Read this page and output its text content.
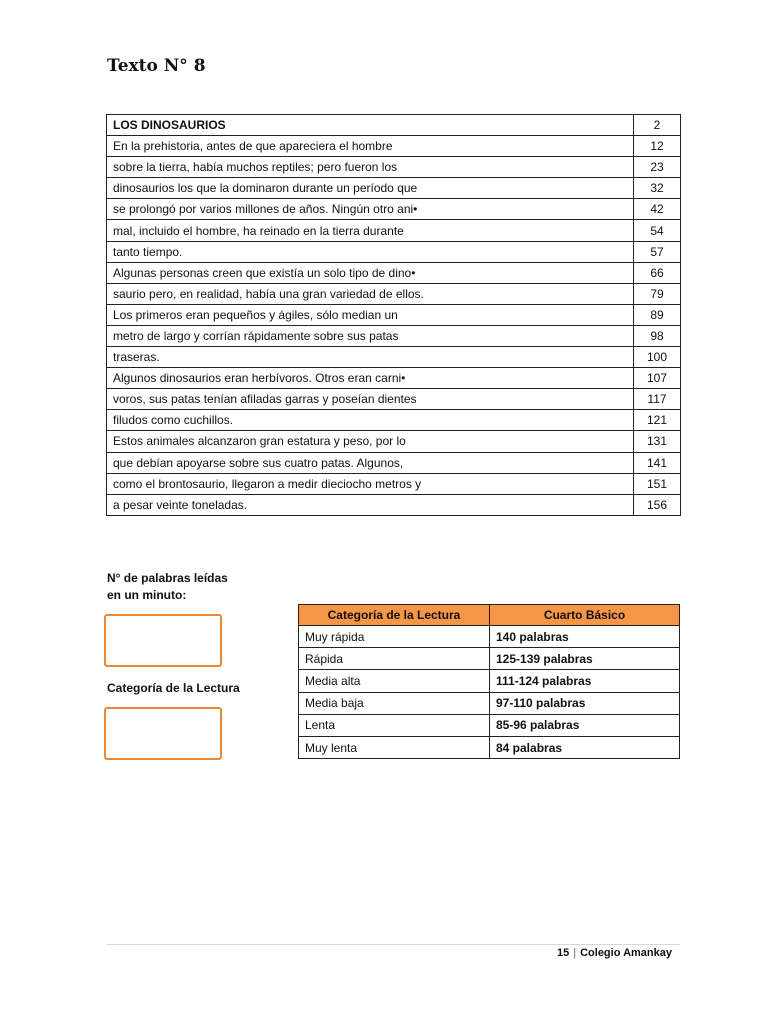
Texto N° 8
LOS DINOSAURIOS	2
En la prehistoria, antes de que apareciera el hombre	12
sobre la tierra, había muchos reptiles; pero fueron los	23
dinosaurios los que la dominaron durante un período que	32
se prolongó por varios millones de años. Ningún otro ani•	42
mal, incluido el hombre, ha reinado en la tierra durante	54
tanto tiempo.	57
Algunas personas creen que existía un solo tipo de dino•	66
saurio pero, en realidad, había una gran variedad de ellos.	79
Los primeros eran pequeños y ágiles, sólo median un	89
metro de largo y corrían rápidamente sobre sus patas	98
traseras.	100
Algunos dinosaurios eran herbívoros. Otros eran carni•	107
voros, sus patas tenían afiladas garras y poseían dientes	117
filudos como cuchillos.	121
Estos animales alcanzaron gran estatura y peso, por lo	131
que debían apoyarse sobre sus cuatro patas. Algunos,	141
como el brontosaurio, llegaron a medir dieciocho metros y	151
a pesar veinte toneladas.	156
N° de palabras leídas
en un minuto:
Categoría de la Lectura
Categoría de la Lectura	Cuarto Básico
Muy rápida	140 palabras
Rápida	125-139 palabras
Media alta	111-124 palabras
Media baja	97-110 palabras
Lenta	85-96 palabras
Muy lenta	84 palabras
15 | Colegio Amankay
